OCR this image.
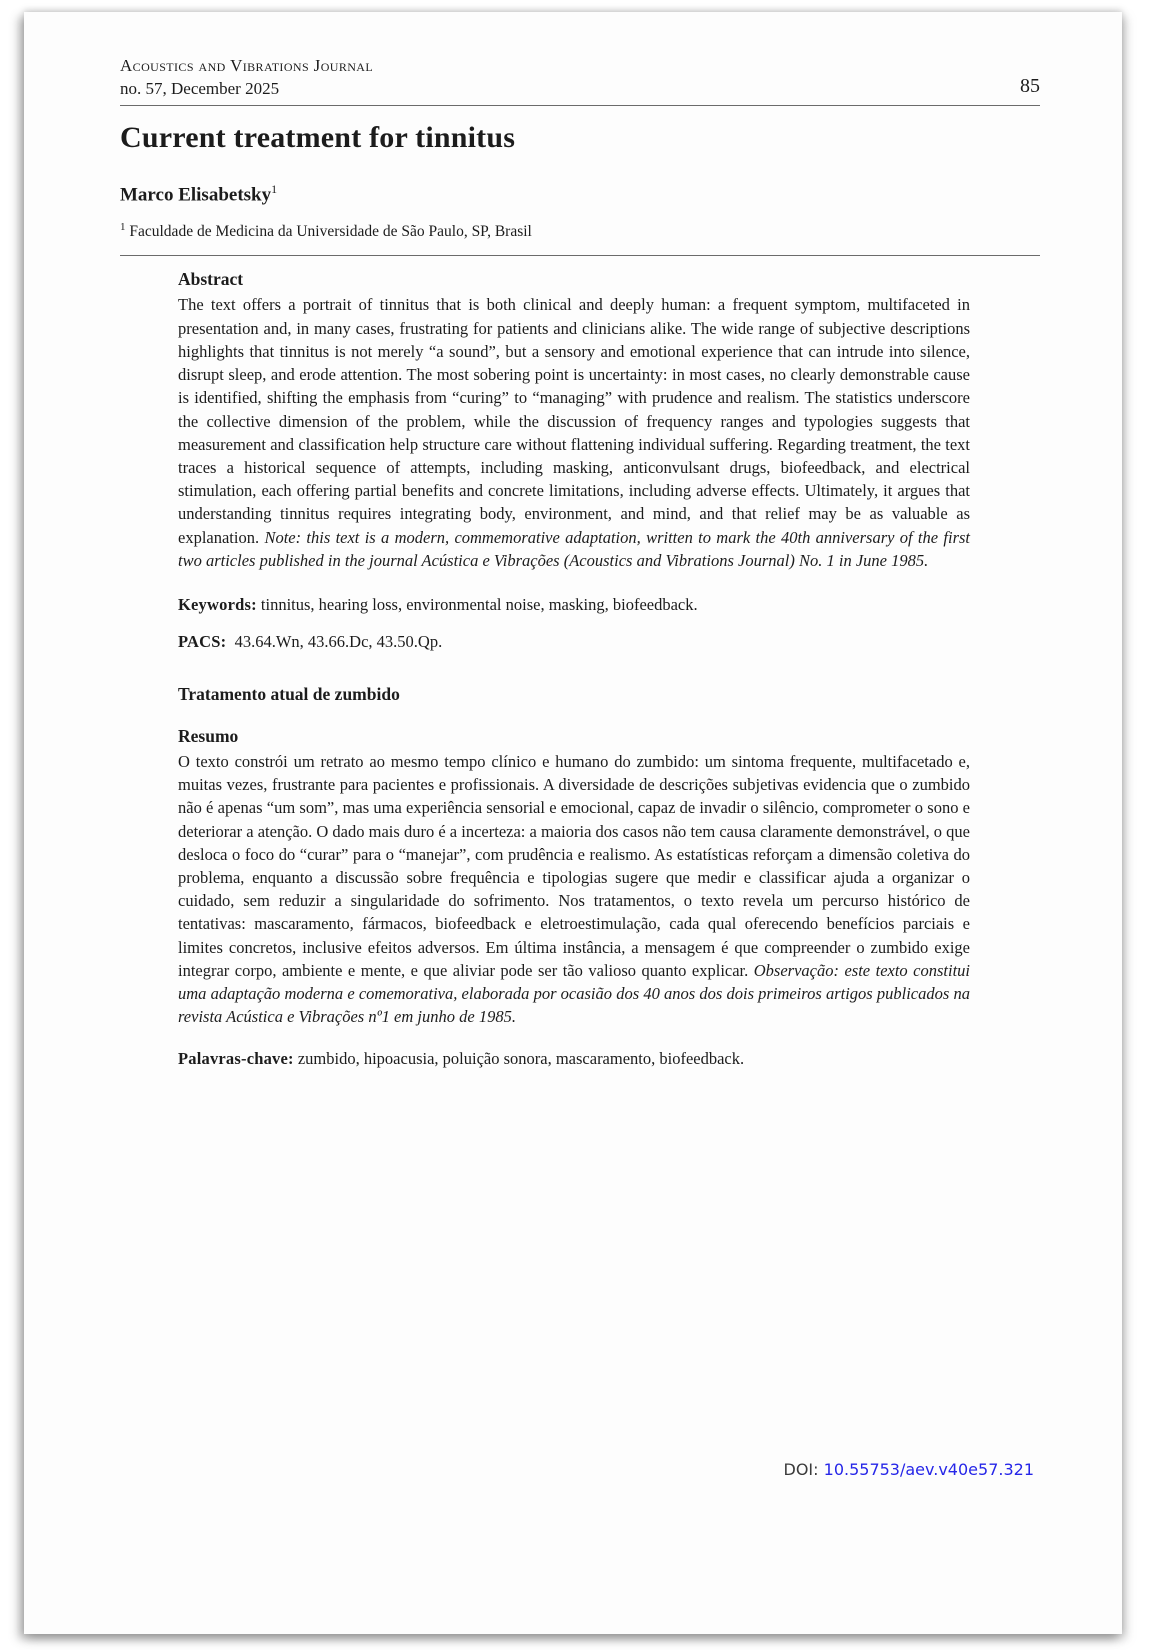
Acoustics and Vibrations Journal
no. 57, December 2025	85
Current treatment for tinnitus
Marco Elisabetsky$^1$
$^1$ Faculdade de Medicina da Universidade de São Paulo, SP, Brasil
Abstract

The text offers a portrait of tinnitus that is both clinical and deeply human: a frequent symptom, multifaceted in presentation and, in many cases, frustrating for patients and clinicians alike. The wide range of subjective descriptions highlights that tinnitus is not merely “a sound”, but a sensory and emotional experience that can intrude into silence, disrupt sleep, and erode attention. The most sobering point is uncertainty: in most cases, no clearly demonstrable cause is identified, shifting the emphasis from “curing” to “managing” with prudence and realism. The statistics underscore the collective dimension of the problem, while the discussion of frequency ranges and typologies suggests that measurement and classification help structure care without flattening individual suffering. Regarding treatment, the text traces a historical sequence of attempts, including masking, anticonvulsant drugs, biofeedback, and electrical stimulation, each offering partial benefits and concrete limitations, including adverse effects. Ultimately, it argues that understanding tinnitus requires integrating body, environment, and mind, and that relief may be as valuable as explanation. Note: this text is a modern, commemorative adaptation, written to mark the 40th anniversary of the first two articles published in the journal Acústica e Vibrações (Acoustics and Vibrations Journal) No. 1 in June 1985.

Keywords: tinnitus, hearing loss, environmental noise, masking, biofeedback.

PACS: 43.64.Wn, 43.66.Dc, 43.50.Qp.

Tratamento atual de zumbido
Resumo

O texto constrói um retrato ao mesmo tempo clínico e humano do zumbido: um sintoma frequente, multifacetado e, muitas vezes, frustrante para pacientes e profissionais. A diversidade de descrições subjetivas evidencia que o zumbido não é apenas “um som”, mas uma experiência sensorial e emocional, capaz de invadir o silêncio, comprometer o sono e deteriorar a atenção. O dado mais duro é a incerteza: a maioria dos casos não tem causa claramente demonstrável, o que desloca o foco do “curar” para o “manejar”, com prudência e realismo. As estatísticas reforçam a dimensão coletiva do problema, enquanto a discussão sobre frequência e tipologias sugere que medir e classificar ajuda a organizar o cuidado, sem reduzir a singularidade do sofrimento. Nos tratamentos, o texto revela um percurso histórico de tentativas: mascaramento, fármacos, biofeedback e eletroestimulação, cada qual oferecendo benefícios parciais e limites concretos, inclusive efeitos adversos. Em última instância, a mensagem é que compreender o zumbido exige integrar corpo, ambiente e mente, e que aliviar pode ser tão valioso quanto explicar. Observação: este texto constitui uma adaptação moderna e comemorativa, elaborada por ocasião dos 40 anos dos dois primeiros artigos publicados na revista Acústica e Vibrações nº1 em junho de 1985.

Palavras-chave: zumbido, hipoacusia, poluição sonora, mascaramento, biofeedback.

DOI: 10.55753/aev.v40e57.321
